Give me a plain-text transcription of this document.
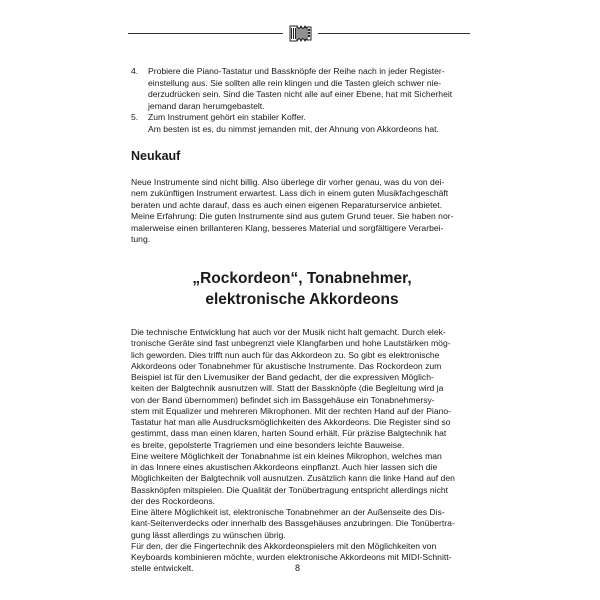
4. Probiere die Piano-Tastatur und Bassknöpfe der Reihe nach in jeder Register-
einstellung aus. Sie sollten alle rein klingen und die Tasten gleich schwer nie-
derzudrücken sein. Sind die Tasten nicht alle auf einer Ebene, hat mit Sicherheit
jemand daran herumgebastelt.
5. Zum Instrument gehört ein stabiler Koffer.
Am besten ist es, du nimmst jemanden mit, der Ahnung von Akkordeons hat.
Neukauf
Neue Instrumente sind nicht billig. Also überlege dir vorher genau, was du von dei-
nem zukünftigen Instrument erwartest. Lass dich in einem guten Musikfachgeschäft
beraten und achte darauf, dass es auch einen eigenen Reparaturservice anbietet.
Meine Erfahrung: Die guten Instrumente sind aus gutem Grund teuer. Sie haben nor-
malerweise einen brillanteren Klang, besseres Material und sorgfältigere Verarbei-
tung.
„Rockordeon“, Tonabnehmer,
elektronische Akkordeons
Die technische Entwicklung hat auch vor der Musik nicht halt gemacht. Durch elek-
tronische Geräte sind fast unbegrenzt viele Klangfarben und hohe Lautstärken mög-
lich geworden. Dies trifft nun auch für das Akkordeon zu. So gibt es elektronische
Akkordeons oder Tonabnehmer für akustische Instrumente. Das Rockordeon zum
Beispiel ist für den Livemusiker der Band gedacht, der die expressiven Möglich-
keiten der Balgtechnik ausnutzen will. Statt der Bassknöpfe (die Begleitung wird ja
von der Band übernommen) befindet sich im Bassgehäuse ein Tonabnehmersy-
stem mit Equalizer und mehreren Mikrophonen. Mit der rechten Hand auf der Piano-
Tastatur hat man alle Ausdrucksmöglichkeiten des Akkordeons. Die Register sind so
gestimmt, dass man einen klaren, harten Sound erhält. Für präzise Balgtechnik hat
es breite, gepolsterte Tragriemen und eine besonders leichte Bauweise.
Eine weitere Möglichkeit der Tonabnahme ist ein kleines Mikrophon, welches man
in das Innere eines akustischen Akkordeons einpflanzt. Auch hier lassen sich die
Möglichkeiten der Balgtechnik voll ausnutzen. Zusätzlich kann die linke Hand auf den
Bassknöpfen mitspielen. Die Qualität der Tonübertragung entspricht allerdings nicht
der des Rockordeons.
Eine ältere Möglichkeit ist, elektronische Tonabnehmer an der Außenseite des Dis-
kant-Seitenverdecks oder innerhalb des Bassgehäuses anzubringen. Die Tonübertra-
gung lässt allerdings zu wünschen übrig.
Für den, der die Fingertechnik des Akkordeonspielers mit den Möglichkeiten von
Keyboards kombinieren möchte, wurden elektronische Akkordeons mit MIDI-Schnitt-
stelle entwickelt.	8
